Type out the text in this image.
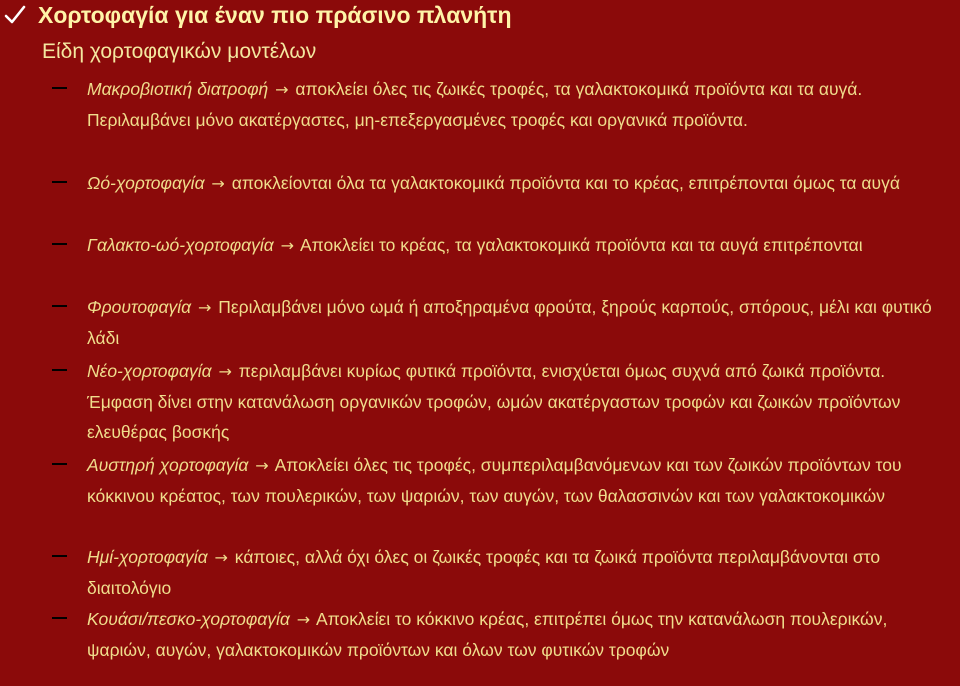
Χορτοφαγία για έναν πιο πράσινο πλανήτη
Είδη χορτοφαγικών μοντέλων
Μακροβιοτική διατροφή → αποκλείει όλες τις ζωικές τροφές, τα γαλακτοκομικά προϊόντα και τα αυγά. Περιλαμβάνει μόνο ακατέργαστες, μη-επεξεργασμένες τροφές και οργανικά προϊόντα.
Ωό-χορτοφαγία → αποκλείονται όλα τα γαλακτοκομικά προϊόντα και το κρέας, επιτρέπονται όμως τα αυγά
Γαλακτο-ωό-χορτοφαγία → Αποκλείει το κρέας, τα γαλακτοκομικά προϊόντα και τα αυγά επιτρέπονται
Φρουτοφαγία → Περιλαμβάνει μόνο ωμά ή αποξηραμένα φρούτα, ξηρούς καρπούς, σπόρους, μέλι και φυτικό λάδι
Νέο-χορτοφαγία → περιλαμβάνει κυρίως φυτικά προϊόντα, ενισχύεται όμως συχνά από ζωικά προϊόντα. Έμφαση δίνει στην κατανάλωση οργανικών τροφών, ωμών ακατέργαστων τροφών και ζωικών προϊόντων ελευθέρας βοσκής
Αυστηρή χορτοφαγία → Αποκλείει όλες τις τροφές, συμπεριλαμβανόμενων και των ζωικών προϊόντων του κόκκινου κρέατος, των πουλερικών, των ψαριών, των αυγών, των θαλασσινών και των γαλακτοκομικών
Ημί-χορτοφαγία → κάποιες, αλλά όχι όλες οι ζωικές τροφές και τα ζωικά προϊόντα περιλαμβάνονται στο διαιτολόγιο
Κουάσι/πεσκο-χορτοφαγία → Αποκλείει το κόκκινο κρέας, επιτρέπει όμως την κατανάλωση πουλερικών, ψαριών, αυγών, γαλακτοκομικών προϊόντων και όλων των φυτικών τροφών
